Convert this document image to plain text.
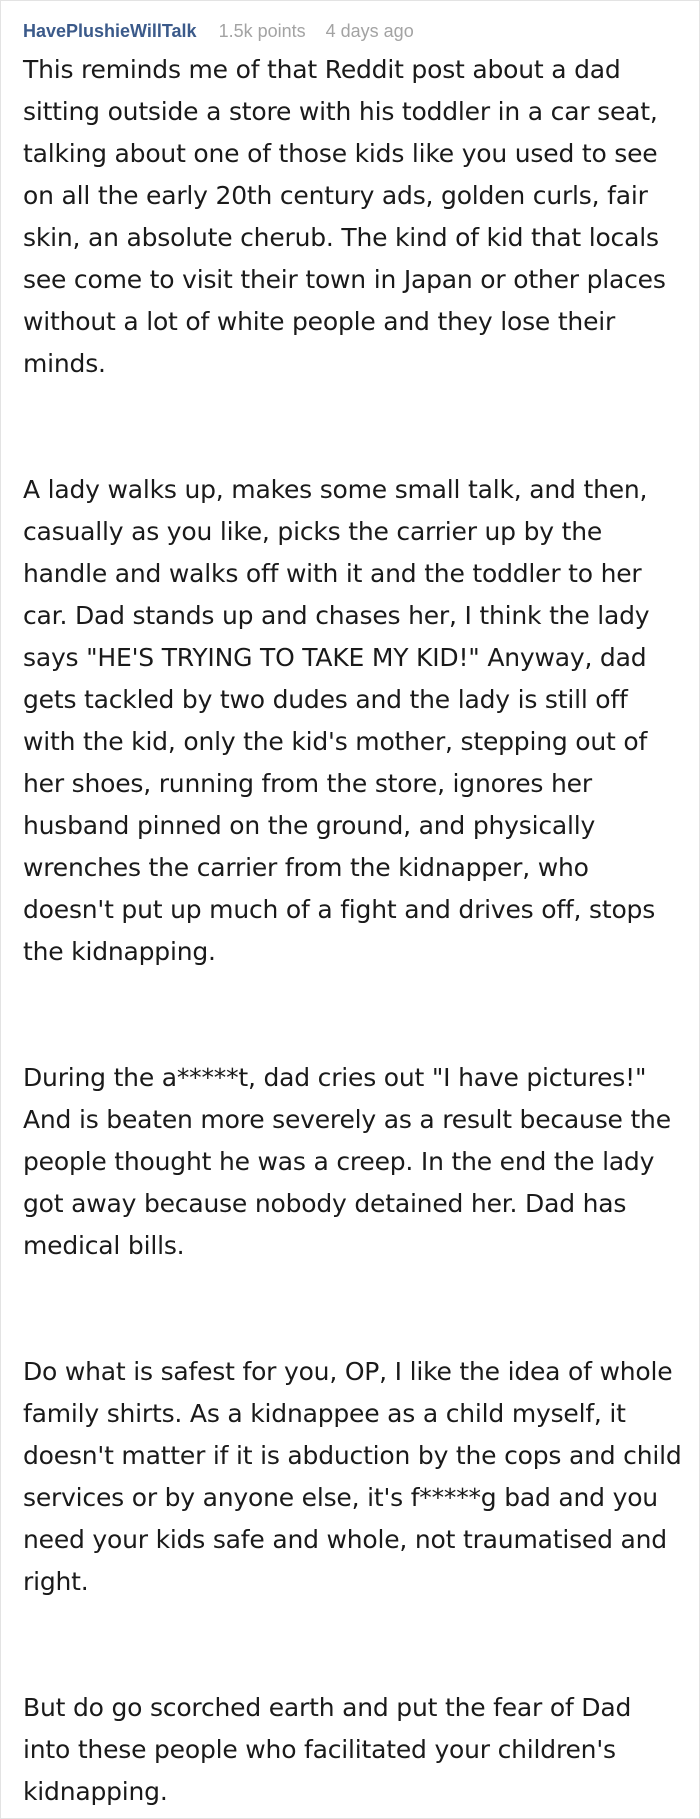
HavePlushieWillTalk 1.5k points 4 days ago

This reminds me of that Reddit post about a dad sitting outside a store with his toddler in a car seat, talking about one of those kids like you used to see on all the early 20th century ads, golden curls, fair skin, an absolute cherub. The kind of kid that locals see come to visit their town in Japan or other places without a lot of white people and they lose their minds.

A lady walks up, makes some small talk, and then, casually as you like, picks the carrier up by the handle and walks off with it and the toddler to her car. Dad stands up and chases her, I think the lady says "HE'S TRYING TO TAKE MY KID!" Anyway, dad gets tackled by two dudes and the lady is still off with the kid, only the kid's mother, stepping out of her shoes, running from the store, ignores her husband pinned on the ground, and physically wrenches the carrier from the kidnapper, who doesn't put up much of a fight and drives off, stops the kidnapping.

During the a*****t, dad cries out "I have pictures!" And is beaten more severely as a result because the people thought he was a creep. In the end the lady got away because nobody detained her. Dad has medical bills.

Do what is safest for you, OP, I like the idea of whole family shirts. As a kidnappee as a child myself, it doesn't matter if it is abduction by the cops and child services or by anyone else, it's f*****g bad and you need your kids safe and whole, not traumatised and right.

But do go scorched earth and put the fear of Dad into these people who facilitated your children's kidnapping.
